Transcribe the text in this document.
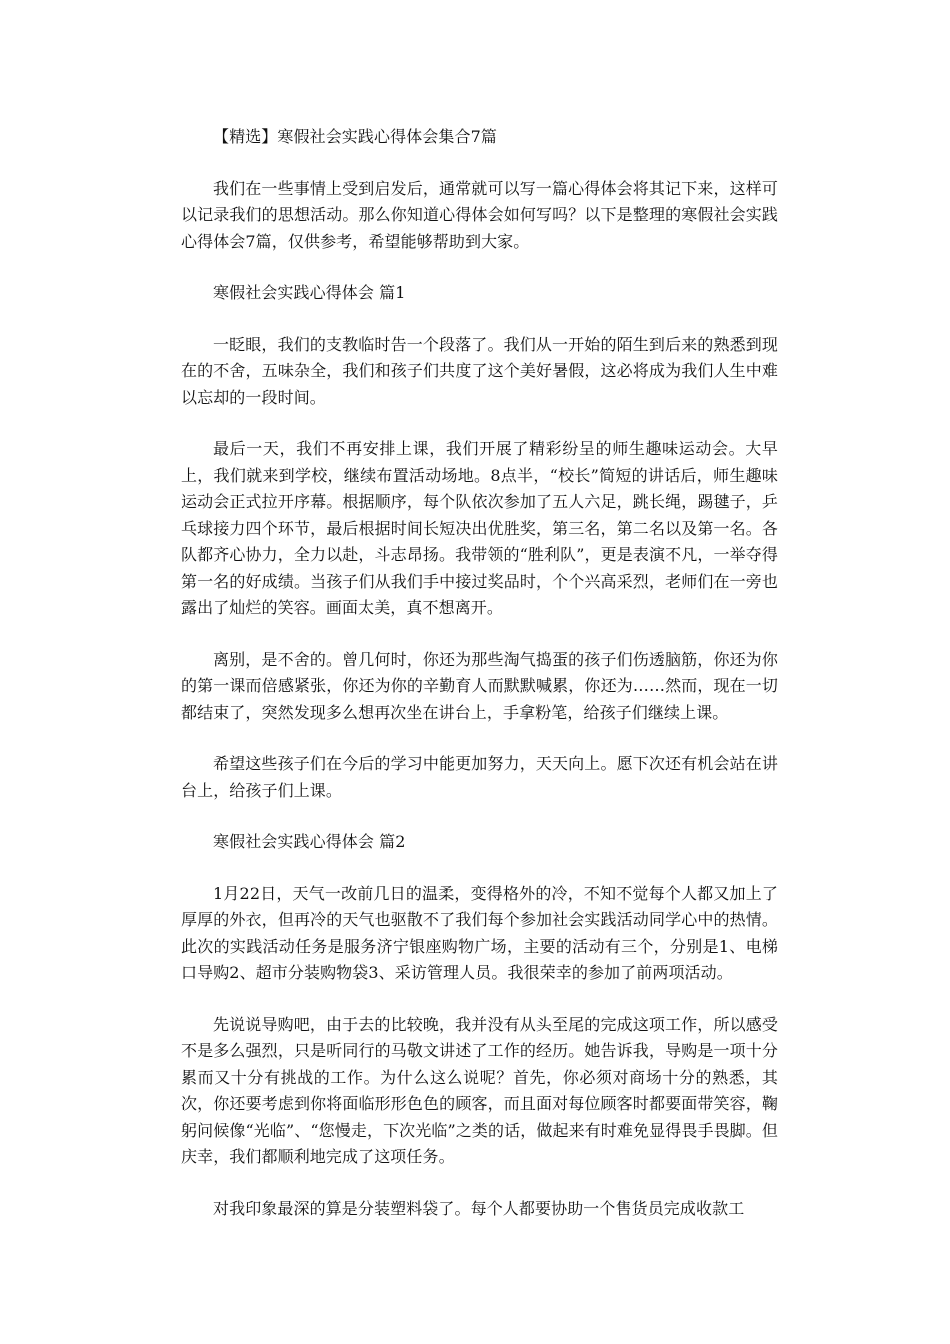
【精选】寒假社会实践心得体会集合7篇

我们在一些事情上受到启发后，通常就可以写一篇心得体会将其记下来，这样可以记录我们的思想活动。那么你知道心得体会如何写吗？以下是整理的寒假社会实践心得体会7篇，仅供参考，希望能够帮助到大家。

寒假社会实践心得体会 篇1

一眨眼，我们的支教临时告一个段落了。我们从一开始的陌生到后来的熟悉到现在的不舍，五味杂全，我们和孩子们共度了这个美好暑假，这必将成为我们人生中难以忘却的一段时间。

最后一天，我们不再安排上课，我们开展了精彩纷呈的师生趣味运动会。大早上，我们就来到学校，继续布置活动场地。8点半，“校长”简短的讲话后，师生趣味运动会正式拉开序幕。根据顺序，每个队依次参加了五人六足，跳长绳，踢毽子，乒乓球接力四个环节，最后根据时间长短决出优胜奖，第三名，第二名以及第一名。各队都齐心协力，全力以赴，斗志昂扬。我带领的“胜利队”，更是表演不凡，一举夺得第一名的好成绩。当孩子们从我们手中接过奖品时，个个兴高采烈，老师们在一旁也露出了灿烂的笑容。画面太美，真不想离开。

离别，是不舍的。曾几何时，你还为那些淘气捣蛋的孩子们伤透脑筋，你还为你的第一课而倍感紧张，你还为你的辛勤育人而默默喊累，你还为……然而，现在一切都结束了，突然发现多么想再次坐在讲台上，手拿粉笔，给孩子们继续上课。

希望这些孩子们在今后的学习中能更加努力，天天向上。愿下次还有机会站在讲台上，给孩子们上课。

寒假社会实践心得体会 篇2

1月22日，天气一改前几日的温柔，变得格外的冷，不知不觉每个人都又加上了厚厚的外衣，但再冷的天气也驱散不了我们每个参加社会实践活动同学心中的热情。此次的实践活动任务是服务济宁银座购物广场，主要的活动有三个，分别是1、电梯口导购2、超市分装购物袋3、采访管理人员。我很荣幸的参加了前两项活动。

先说说导购吧，由于去的比较晚，我并没有从头至尾的完成这项工作，所以感受不是多么强烈，只是听同行的马敬文讲述了工作的经历。她告诉我，导购是一项十分累而又十分有挑战的工作。为什么这么说呢？首先，你必须对商场十分的熟悉，其次，你还要考虑到你将面临形形色色的顾客，而且面对每位顾客时都要面带笑容，鞠躬问候像“光临”、“您慢走，下次光临”之类的话，做起来有时难免显得畏手畏脚。但庆幸，我们都顺利地完成了这项任务。

对我印象最深的算是分装塑料袋了。每个人都要协助一个售货员完成收款工
